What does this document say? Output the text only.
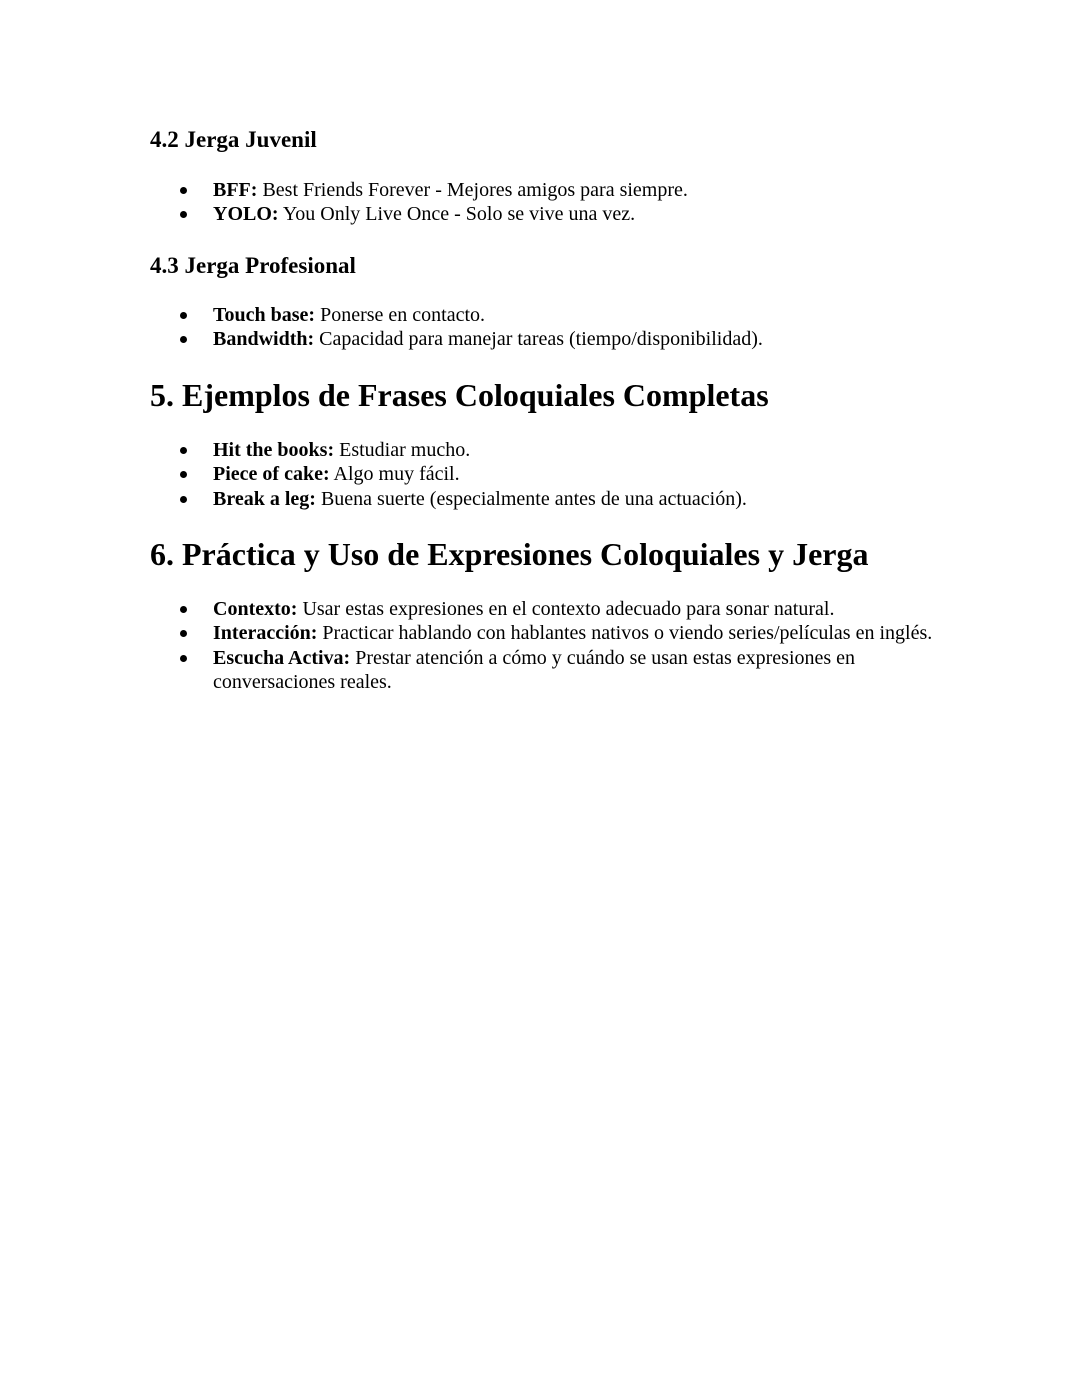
4.2 Jerga Juvenil
BFF: Best Friends Forever - Mejores amigos para siempre.
YOLO: You Only Live Once - Solo se vive una vez.
4.3 Jerga Profesional
Touch base: Ponerse en contacto.
Bandwidth: Capacidad para manejar tareas (tiempo/disponibilidad).
5. Ejemplos de Frases Coloquiales Completas
Hit the books: Estudiar mucho.
Piece of cake: Algo muy fácil.
Break a leg: Buena suerte (especialmente antes de una actuación).
6. Práctica y Uso de Expresiones Coloquiales y Jerga
Contexto: Usar estas expresiones en el contexto adecuado para sonar natural.
Interacción: Practicar hablando con hablantes nativos o viendo series/películas en inglés.
Escucha Activa: Prestar atención a cómo y cuándo se usan estas expresiones en conversaciones reales.
